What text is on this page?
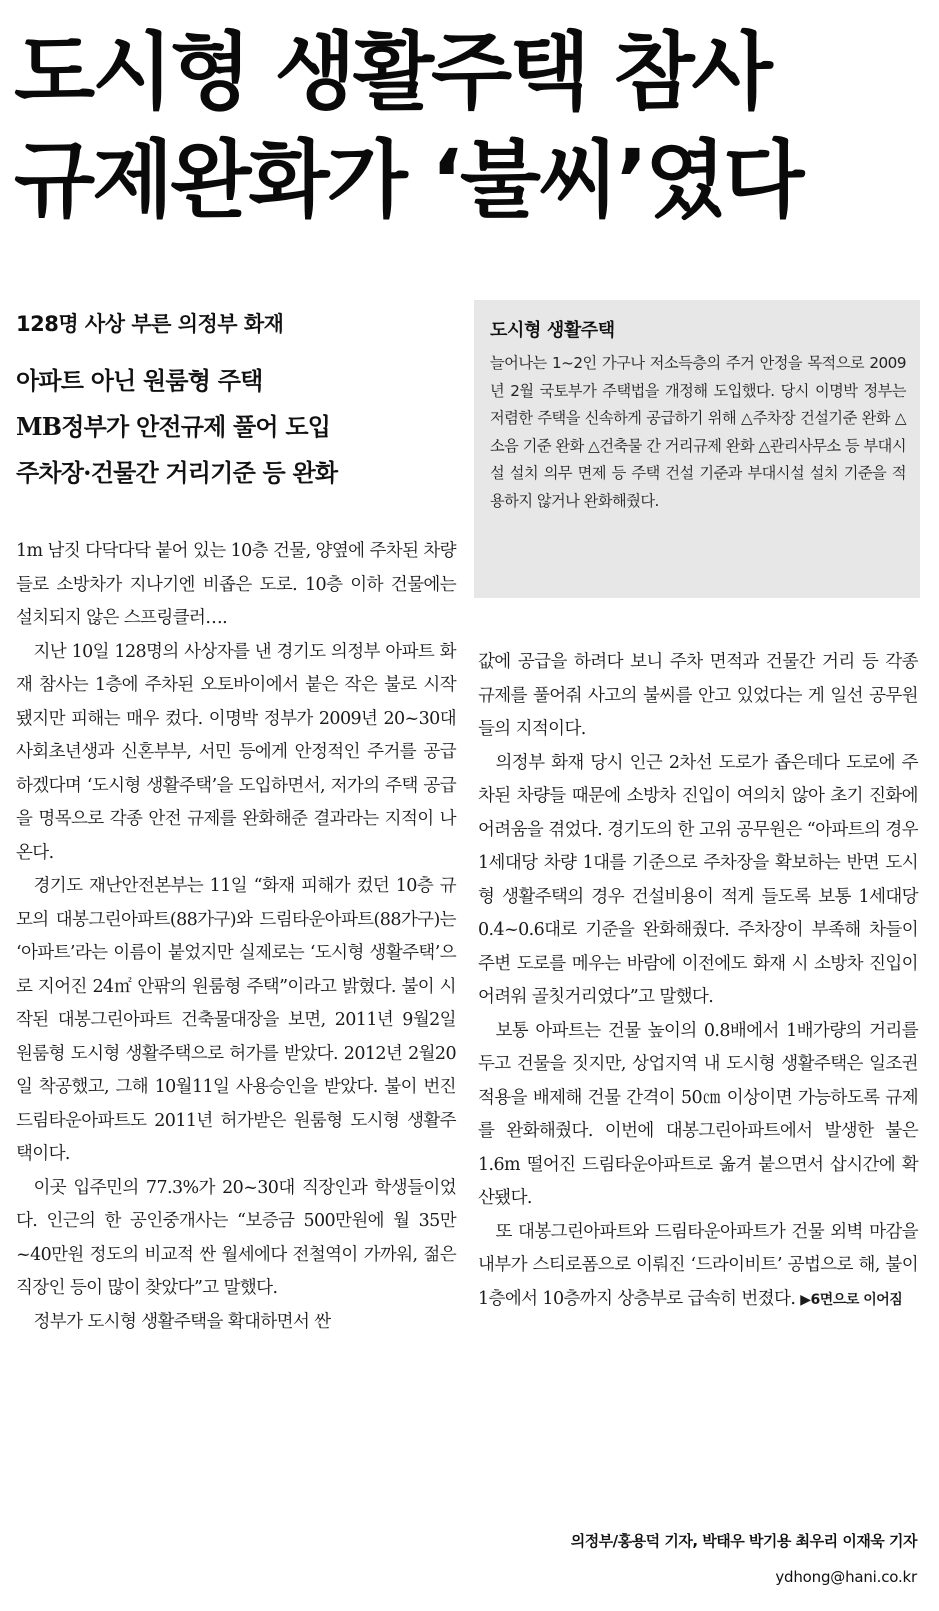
도시형 생활주택 참사
규제완화가 ‘불씨’였다
128명 사상 부른 의정부 화재
아파트 아닌 원룸형 주택
MB정부가 안전규제 풀어 도입
주차장·건물간 거리기준 등 완화
도시형 생활주택
늘어나는 1~2인 가구나 저소득층의 주거 안정을 목적으로 2009년 2월 국토부가 주택법을 개정해 도입했다. 당시 이명박 정부는 저렴한 주택을 신속하게 공급하기 위해 △주차장 건설기준 완화 △소음 기준 완화 △건축물 간 거리규제 완화 △관리사무소 등 부대시설 설치 의무 면제 등 주택 건설 기준과 부대시설 설치 기준을 적용하지 않거나 완화해줬다.

1m 남짓 다닥다닥 붙어 있는 10층 건물, 양옆에 주차된 차량들로 소방차가 지나기엔 비좁은 도로. 10층 이하 건물에는 설치되지 않은 스프링클러….

지난 10일 128명의 사상자를 낸 경기도 의정부 아파트 화재 참사는 1층에 주차된 오토바이에서 붙은 작은 불로 시작됐지만 피해는 매우 컸다. 이명박 정부가 2009년 20~30대 사회초년생과 신혼부부, 서민 등에게 안정적인 주거를 공급하겠다며 ‘도시형 생활주택’을 도입하면서, 저가의 주택 공급을 명목으로 각종 안전 규제를 완화해준 결과라는 지적이 나온다.

경기도 재난안전본부는 11일 “화재 피해가 컸던 10층 규모의 대봉그린아파트(88가구)와 드림타운아파트(88가구)는 ‘아파트’라는 이름이 붙었지만 실제로는 ‘도시형 생활주택’으로 지어진 24㎡ 안팎의 원룸형 주택”이라고 밝혔다. 불이 시작된 대봉그린아파트 건축물대장을 보면, 2011년 9월2일 원룸형 도시형 생활주택으로 허가를 받았다. 2012년 2월20일 착공했고, 그해 10월11일 사용승인을 받았다. 불이 번진 드림타운아파트도 2011년 허가받은 원룸형 도시형 생활주택이다.

이곳 입주민의 77.3%가 20~30대 직장인과 학생들이었다. 인근의 한 공인중개사는 “보증금 500만원에 월 35만~40만원 정도의 비교적 싼 월세에다 전철역이 가까워, 젊은 직장인 등이 많이 찾았다”고 말했다.

정부가 도시형 생활주택을 확대하면서 싼

값에 공급을 하려다 보니 주차 면적과 건물간 거리 등 각종 규제를 풀어줘 사고의 불씨를 안고 있었다는 게 일선 공무원들의 지적이다.

의정부 화재 당시 인근 2차선 도로가 좁은데다 도로에 주차된 차량들 때문에 소방차 진입이 여의치 않아 초기 진화에 어려움을 겪었다. 경기도의 한 고위 공무원은 “아파트의 경우 1세대당 차량 1대를 기준으로 주차장을 확보하는 반면 도시형 생활주택의 경우 건설비용이 적게 들도록 보통 1세대당 0.4~0.6대로 기준을 완화해줬다. 주차장이 부족해 차들이 주변 도로를 메우는 바람에 이전에도 화재 시 소방차 진입이 어려워 골칫거리였다”고 말했다.

보통 아파트는 건물 높이의 0.8배에서 1배가량의 거리를 두고 건물을 짓지만, 상업지역 내 도시형 생활주택은 일조권 적용을 배제해 건물 간격이 50㎝ 이상이면 가능하도록 규제를 완화해줬다. 이번에 대봉그린아파트에서 발생한 불은 1.6m 떨어진 드림타운아파트로 옮겨 붙으면서 삽시간에 확산됐다.

또 대봉그린아파트와 드림타운아파트가 건물 외벽 마감을 내부가 스티로폼으로 이뤄진 ‘드라이비트’ 공법으로 해, 불이 1층에서 10층까지 상층부로 급속히 번졌다. ▶6면으로 이어짐

의정부/홍용덕 기자, 박태우 박기용 최우리 이재욱 기자
ydhong@hani.co.kr
